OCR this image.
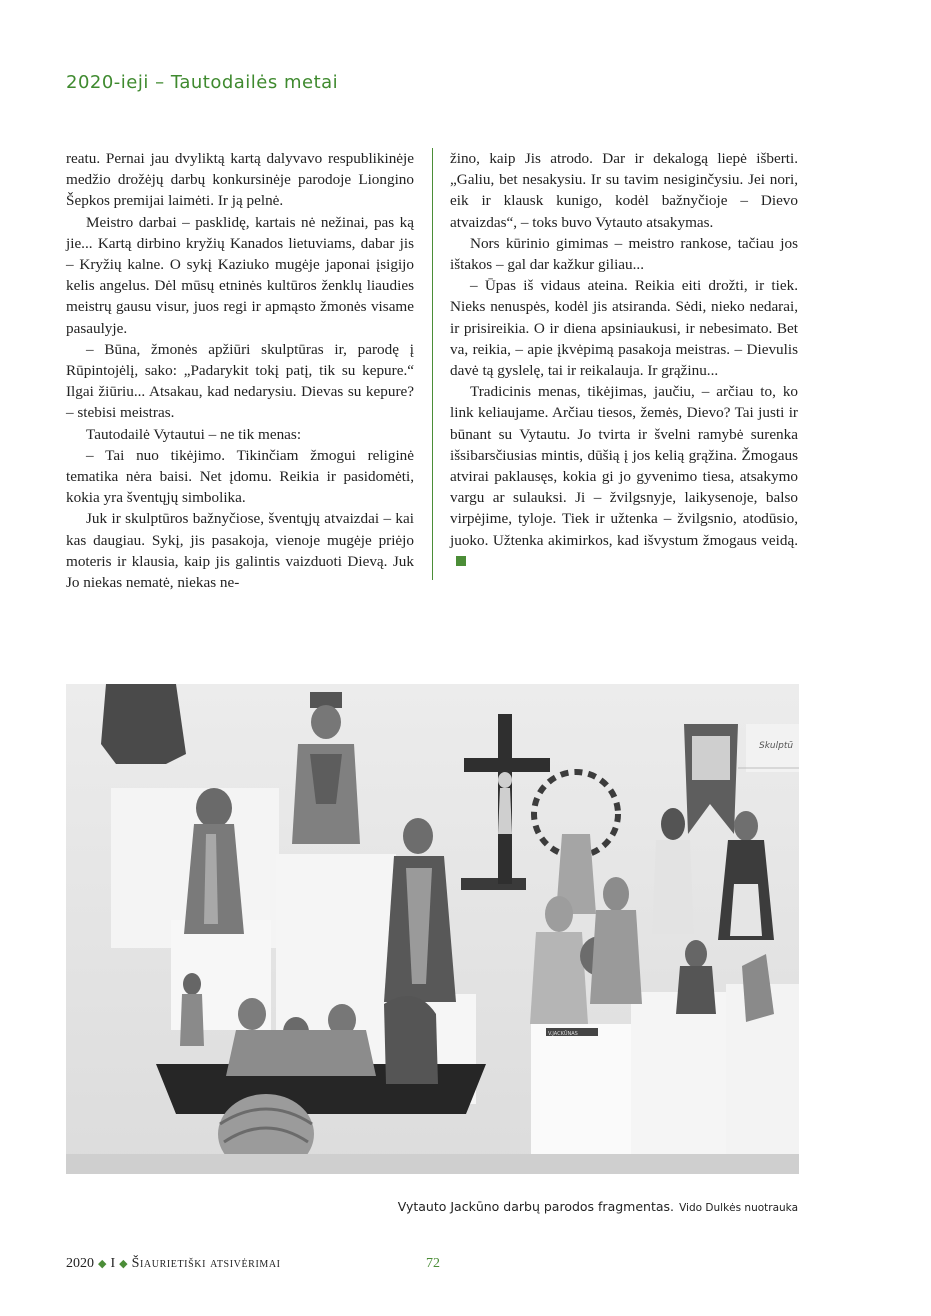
2020-ieji – Tautodailės metai

reatu. Pernai jau dvyliktą kartą dalyvavo respublikinėje medžio drožėjų darbų konkursinėje parodoje Liongino Šepkos premijai laimėti. Ir ją pelnė.

Meistro darbai – pasklidę, kartais nė nežinai, pas ką jie... Kartą dirbino kryžių Kanados lietuviams, dabar jis – Kryžių kalne. O sykį Kaziuko mugėje japonai įsigijo kelis angelus. Dėl mūsų etninės kultūros ženklų liaudies meistrų gausu visur, juos regi ir apmąsto žmonės visame pasaulyje.

– Būna, žmonės apžiūri skulptūras ir, parodę į Rūpintojėlį, sako: „Padarykit tokį patį, tik su kepure.“ Ilgai žiūriu... Atsakau, kad nedarysiu. Dievas su kepure? – stebisi meistras.

Tautodailė Vytautui – ne tik menas:

– Tai nuo tikėjimo. Tikinčiam žmogui religinė tematika nėra baisi. Net įdomu. Reikia ir pasidomėti, kokia yra šventųjų simbolika.

Juk ir skulptūros bažnyčiose, šventųjų atvaizdai – kai kas daugiau. Sykį, jis pasakoja, vienoje mugėje priėjo moteris ir klausia, kaip jis galintis vaizduoti Dievą. Juk Jo niekas nematė, niekas ne-

žino, kaip Jis atrodo. Dar ir dekalogą liepė išberti. „Galiu, bet nesakysiu. Ir su tavim nesiginčysiu. Jei nori, eik ir klausk kunigo, kodėl bažnyčioje – Dievo atvaizdas“, – toks buvo Vytauto atsakymas.

Nors kūrinio gimimas – meistro rankose, tačiau jos ištakos – gal dar kažkur giliau...

– Ūpas iš vidaus ateina. Reikia eiti drožti, ir tiek. Nieks nenuspės, kodėl jis atsiranda. Sėdi, nieko nedarai, ir prisireikia. O ir diena apsiniaukusi, ir nebesimato. Bet va, reikia, – apie įkvėpimą pasakoja meistras. – Dievulis davė tą gyslelę, tai ir reikalauja. Ir grąžinu...

Tradicinis menas, tikėjimas, jaučiu, – arčiau to, ko link keliaujame. Arčiau tiesos, žemės, Dievo? Tai justi ir būnant su Vytautu. Jo tvirta ir švelni ramybė surenka išsibarsčiusias mintis, dūšią į jos kelią grąžina. Žmogaus atvirai paklausęs, kokia gi jo gyvenimo tiesa, atsakymo vargu ar sulauksi. Ji – žvilgsnyje, laikysenoje, balso virpėjime, tyloje. Tiek ir užtenka – žvilgsnio, atodūsio, juoko. Užtenka akimirkos, kad išvystum žmogaus veidą.

Skulptū
V.JACKŪNAS
Vytauto Jackūno darbų parodos fragmentas. Vido Dulkės nuotrauka
2020 ◆ I ◆ Šiaurietiški atsivėrimai	72
